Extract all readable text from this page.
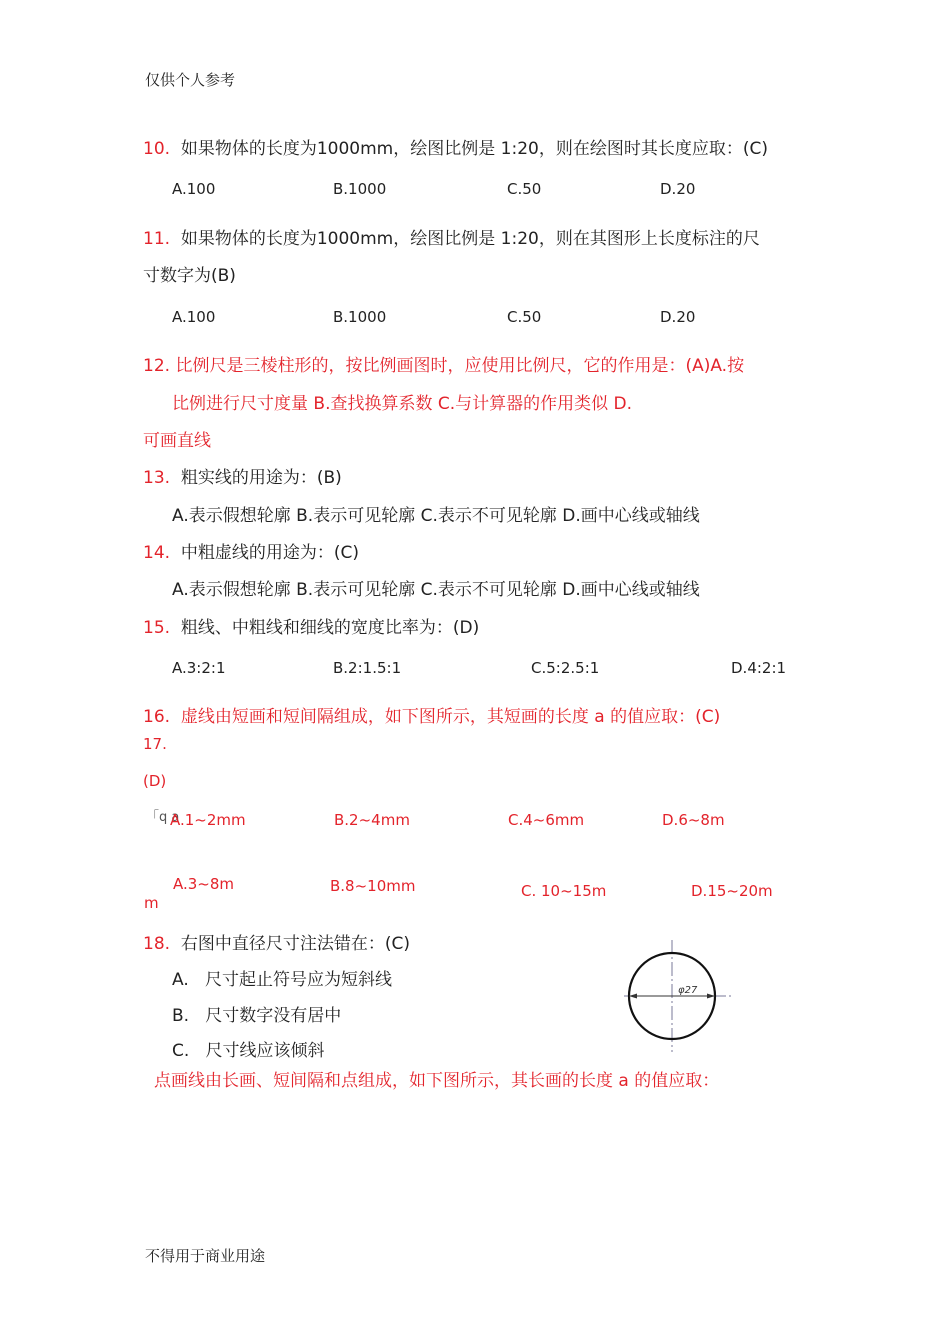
仅供个人参考
10. 如果物体的长度为1000mm，绘图比例是 1:20，则在绘图时其长度应取：(C)
A.100	B.1000	C.50	D.20
11. 如果物体的长度为1000mm，绘图比例是 1:20，则在其图形上长度标注的尺
寸数字为(B)
A.100	B.1000	C.50	D.20
12. 比例尺是三棱柱形的，按比例画图时，应使用比例尺，它的作用是：(A)A.按
比例进行尺寸度量 B.查找换算系数 C.与计算器的作用类似 D.
可画直线
13. 粗实线的用途为：(B)
A.表示假想轮廓 B.表示可见轮廓 C.表示不可见轮廓 D.画中心线或轴线
14. 中粗虚线的用途为：(C)
A.表示假想轮廓 B.表示可见轮廓 C.表示不可见轮廓 D.画中心线或轴线
15. 粗线、中粗线和细线的宽度比率为：(D)
A.3:2:1	B.2:1.5:1	C.5:2.5:1	D.4:2:1
16. 虚线由短画和短间隔组成，如下图所示，其短画的长度 a 的值应取：(C)
17.
(D)
「q a
A.1~2mm	B.2~4mm	C.4~6mm	D.6~8m
A.3~8m	B.8~10mm	C. 10~15m	D.15~20m
m
18. 右图中直径尺寸注法错在：(C)
A. 尺寸起止符号应为短斜线
B. 尺寸数字没有居中
C. 尺寸线应该倾斜
点画线由长画、短间隔和点组成，如下图所示，其长画的长度 a 的值应取：
φ27
不得用于商业用途
